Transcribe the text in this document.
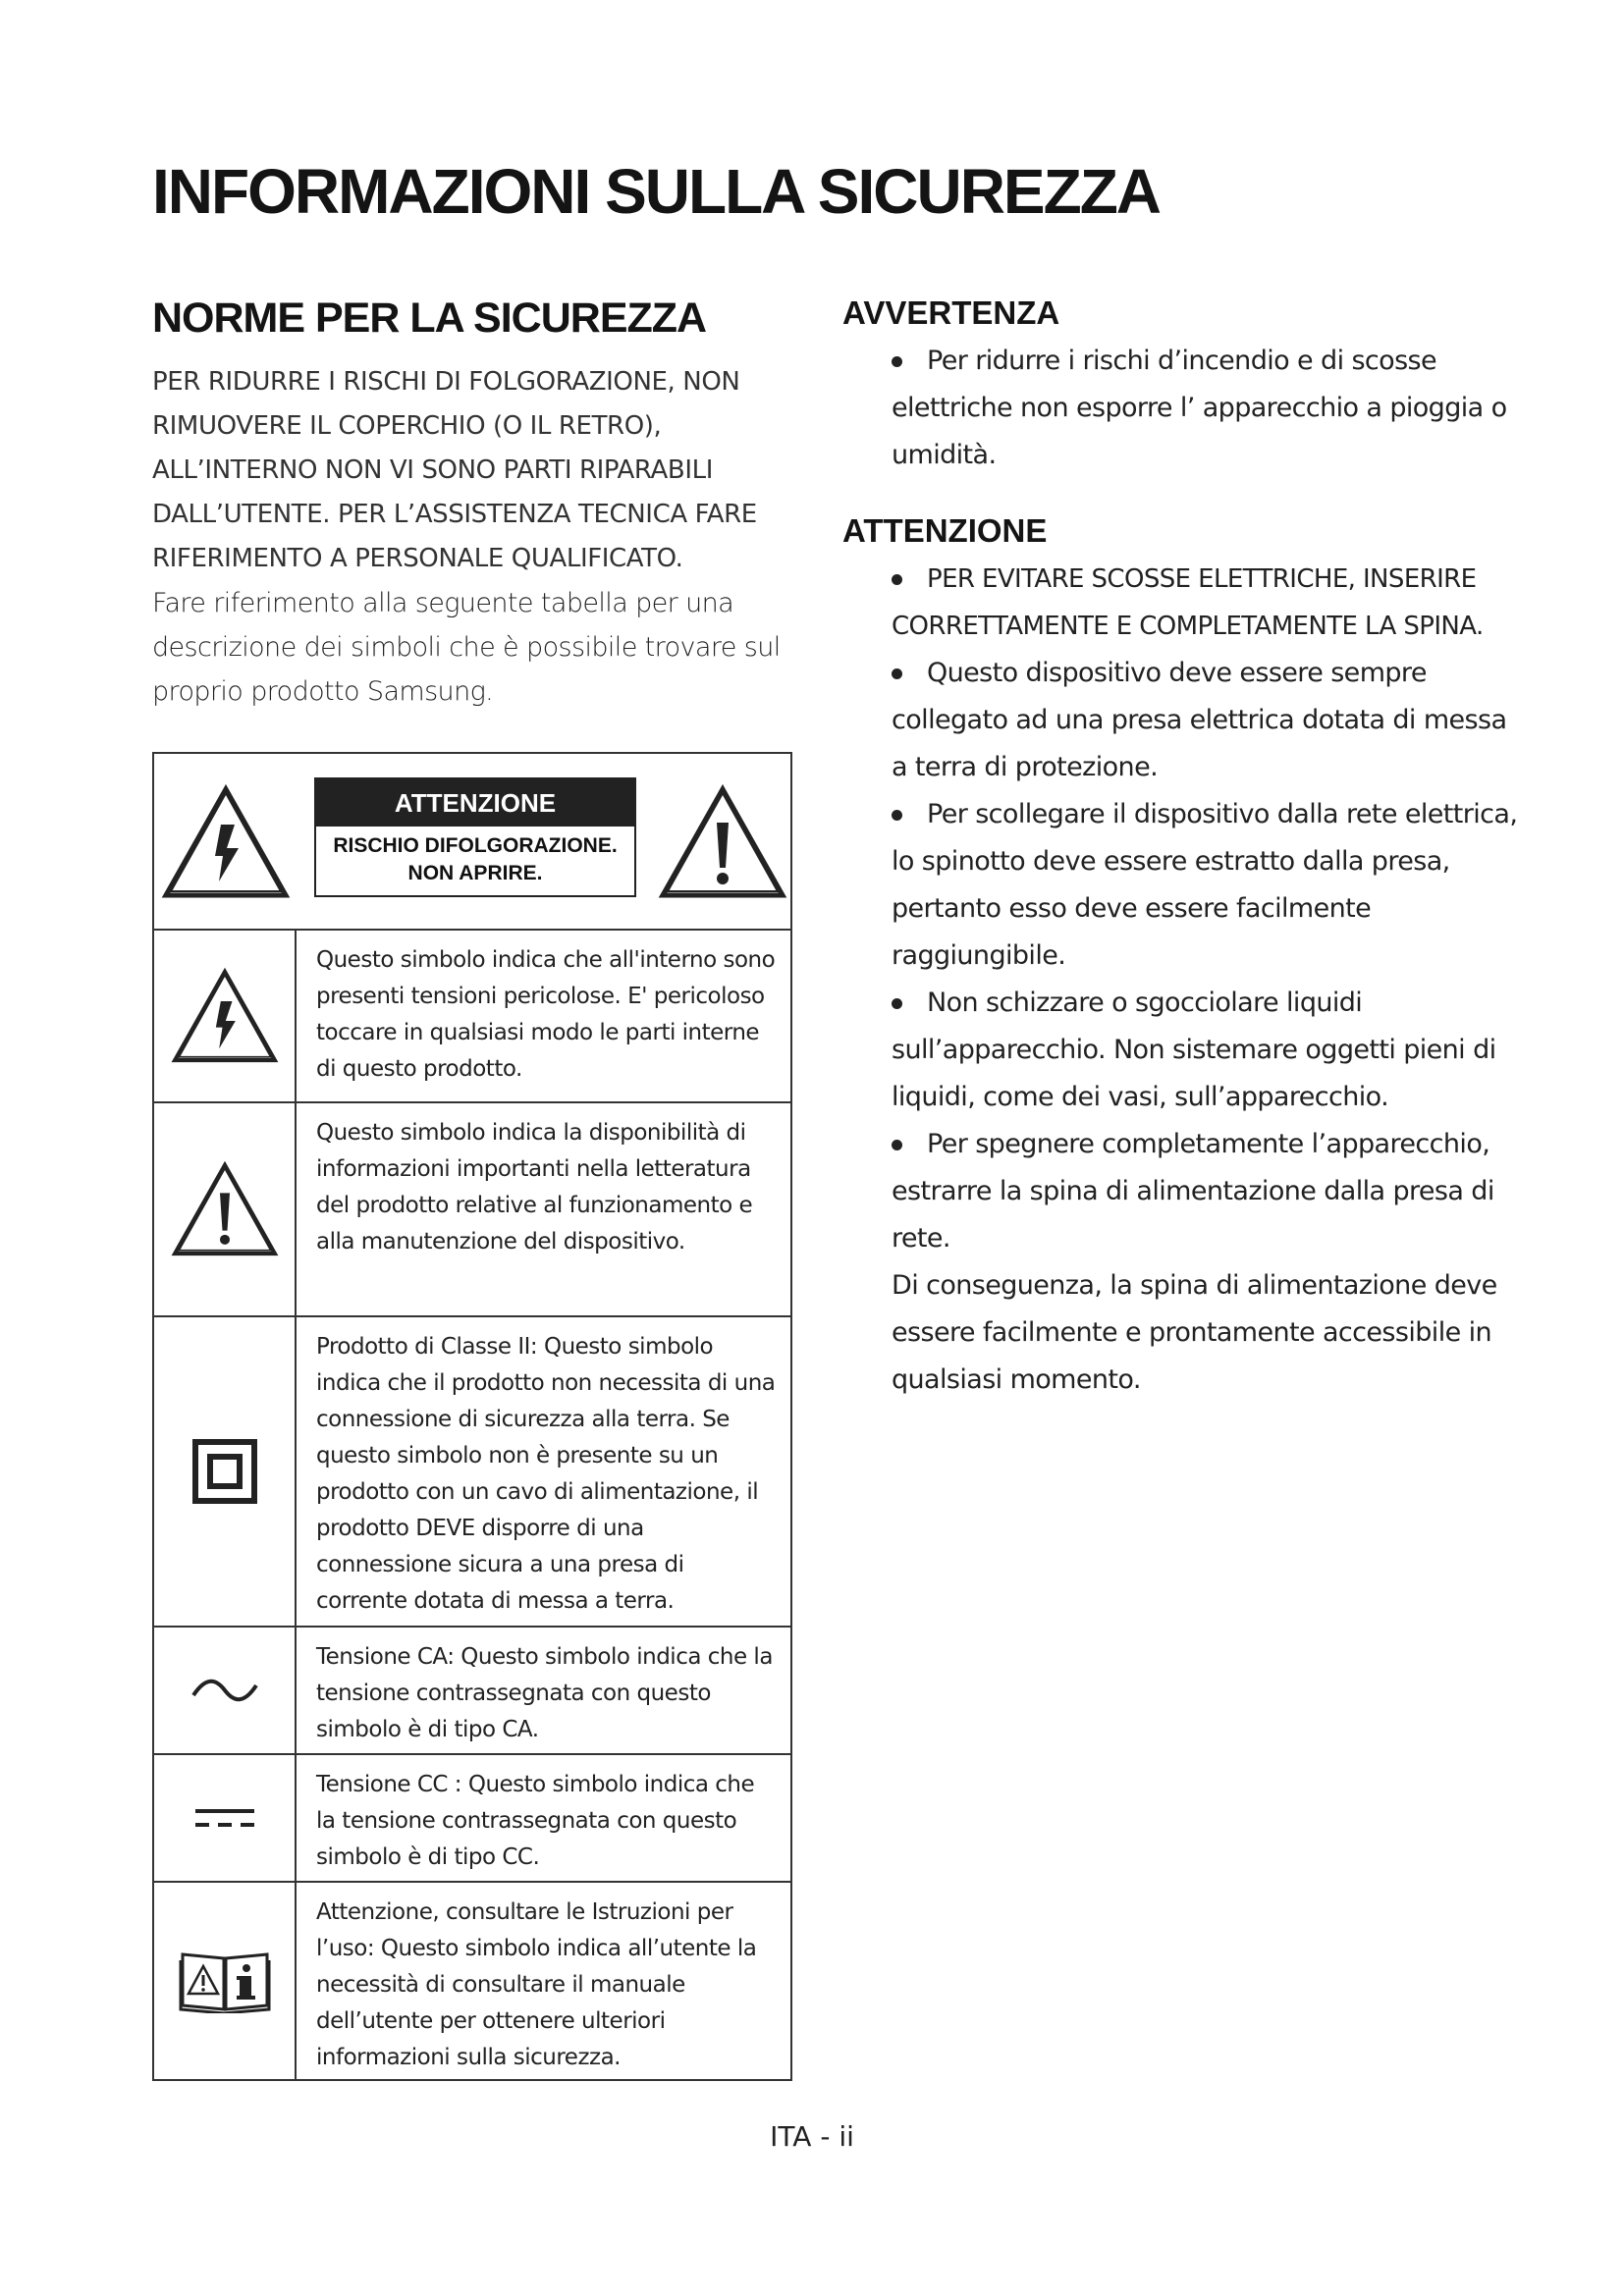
INFORMAZIONI SULLA SICUREZZA
NORME PER LA SICUREZZA

PER RIDURRE I RISCHI DI FOLGORAZIONE, NON RIMUOVERE IL COPERCHIO (O IL RETRO), ALL’INTERNO NON VI SONO PARTI RIPARABILI DALL’UTENTE. PER L’ASSISTENZA TECNICA FARE RIFERIMENTO A PERSONALE QUALIFICATO.

Fare riferimento alla seguente tabella per una descrizione dei simboli che è possibile trovare sul proprio prodotto Samsung.

ATTENZIONE
RISCHIO DIFOLGORAZIONE.
NON APRIRE.
Questo simbolo indica che all'interno sono presenti tensioni pericolose. E' pericoloso toccare in qualsiasi modo le parti interne di questo prodotto.
Questo simbolo indica la disponibilità di informazioni importanti nella letteratura del prodotto relative al funzionamento e alla manutenzione del dispositivo.
Prodotto di Classe II: Questo simbolo indica che il prodotto non necessita di una connessione di sicurezza alla terra. Se questo simbolo non è presente su un prodotto con un cavo di alimentazione, il prodotto DEVE disporre di una connessione sicura a una presa di corrente dotata di messa a terra.
Tensione CA: Questo simbolo indica che la tensione contrassegnata con questo simbolo è di tipo CA.
Tensione CC : Questo simbolo indica che la tensione contrassegnata con questo simbolo è di tipo CC.
Attenzione, consultare le Istruzioni per l’uso: Questo simbolo indica all’utente la necessità di consultare il manuale dell’utente per ottenere ulteriori informazioni sulla sicurezza.
AVVERTENZA
Per ridurre i rischi d’incendio e di scosse elettriche non esporre l’ apparecchio a pioggia o umidità.
ATTENZIONE
PER EVITARE SCOSSE ELETTRICHE, INSERIRE CORRETTAMENTE E COMPLETAMENTE LA SPINA.
Questo dispositivo deve essere sempre collegato ad una presa elettrica dotata di messa a terra di protezione.
Per scollegare il dispositivo dalla rete elettrica, lo spinotto deve essere estratto dalla presa, pertanto esso deve essere facilmente raggiungibile.
Non schizzare o sgocciolare liquidi sull’apparecchio. Non sistemare oggetti pieni di liquidi, come dei vasi, sull’apparecchio.
Per spegnere completamente l’apparecchio, estrarre la spina di alimentazione dalla presa di rete.
Di conseguenza, la spina di alimentazione deve essere facilmente e prontamente accessibile in qualsiasi momento.
ITA - ii
